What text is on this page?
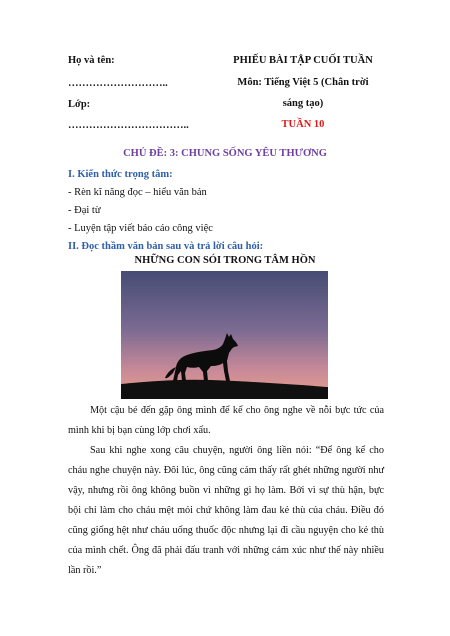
Họ và tên:
………………………..
Lớp:
……………………………..
PHIẾU BÀI TẬP CUỐI TUẦN
Môn: Tiếng Việt 5 (Chân trời
sáng tạo)
TUẦN 10
CHỦ ĐỀ: 3: CHUNG SỐNG YÊU THƯƠNG
I. Kiến thức trọng tâm:
- Rèn kĩ năng đọc – hiểu văn bản
- Đại từ
- Luyện tập viết báo cáo công việc
II. Đọc thầm văn bản sau và trả lời câu hỏi:
NHỮNG CON SÓI TRONG TÂM HỒN
Một cậu bé đến gặp ông mình để kể cho ông nghe về nỗi bực tức của mình khi bị bạn cùng lớp chơi xấu.
Sau khi nghe xong câu chuyện, người ông liền nói: “Để ông kể cho cháu nghe chuyện này. Đôi lúc, ông cũng cảm thấy rất ghét những người như vậy, nhưng rồi ông không buồn vì những gì họ làm. Bởi vì sự thù hận, bực bội chỉ làm cho cháu mệt mỏi chứ không làm đau kẻ thù của cháu. Điều đó cũng giống hệt như cháu uống thuốc độc nhưng lại đi cầu nguyện cho kẻ thù của mình chết. Ông đã phải đấu tranh với những cảm xúc như thế này nhiều lần rồi.”
